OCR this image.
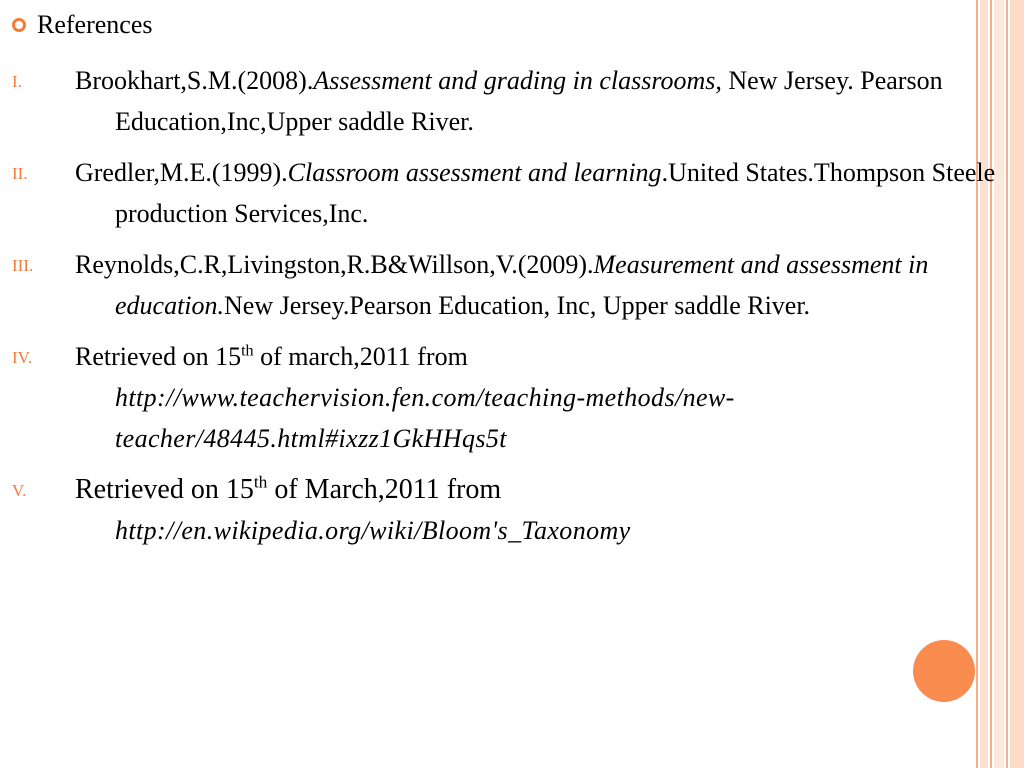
References
I. Brookhart,S.M.(2008).Assessment and grading in classrooms, New Jersey. Pearson Education,Inc,Upper saddle River.
II. Gredler,M.E.(1999).Classroom assessment and learning.United States.Thompson Steele production Services,Inc.
III. Reynolds,C.R,Livingston,R.B&Willson,V.(2009).Measurement and assessment in education.New Jersey.Pearson Education, Inc, Upper saddle River.
IV. Retrieved on 15th of march,2011 from
http://www.teachervision.fen.com/teaching-methods/new-teacher/48445.html#ixzz1GkHHqs5t
V. Retrieved on 15th of March,2011 from
http://en.wikipedia.org/wiki/Bloom's_Taxonomy
